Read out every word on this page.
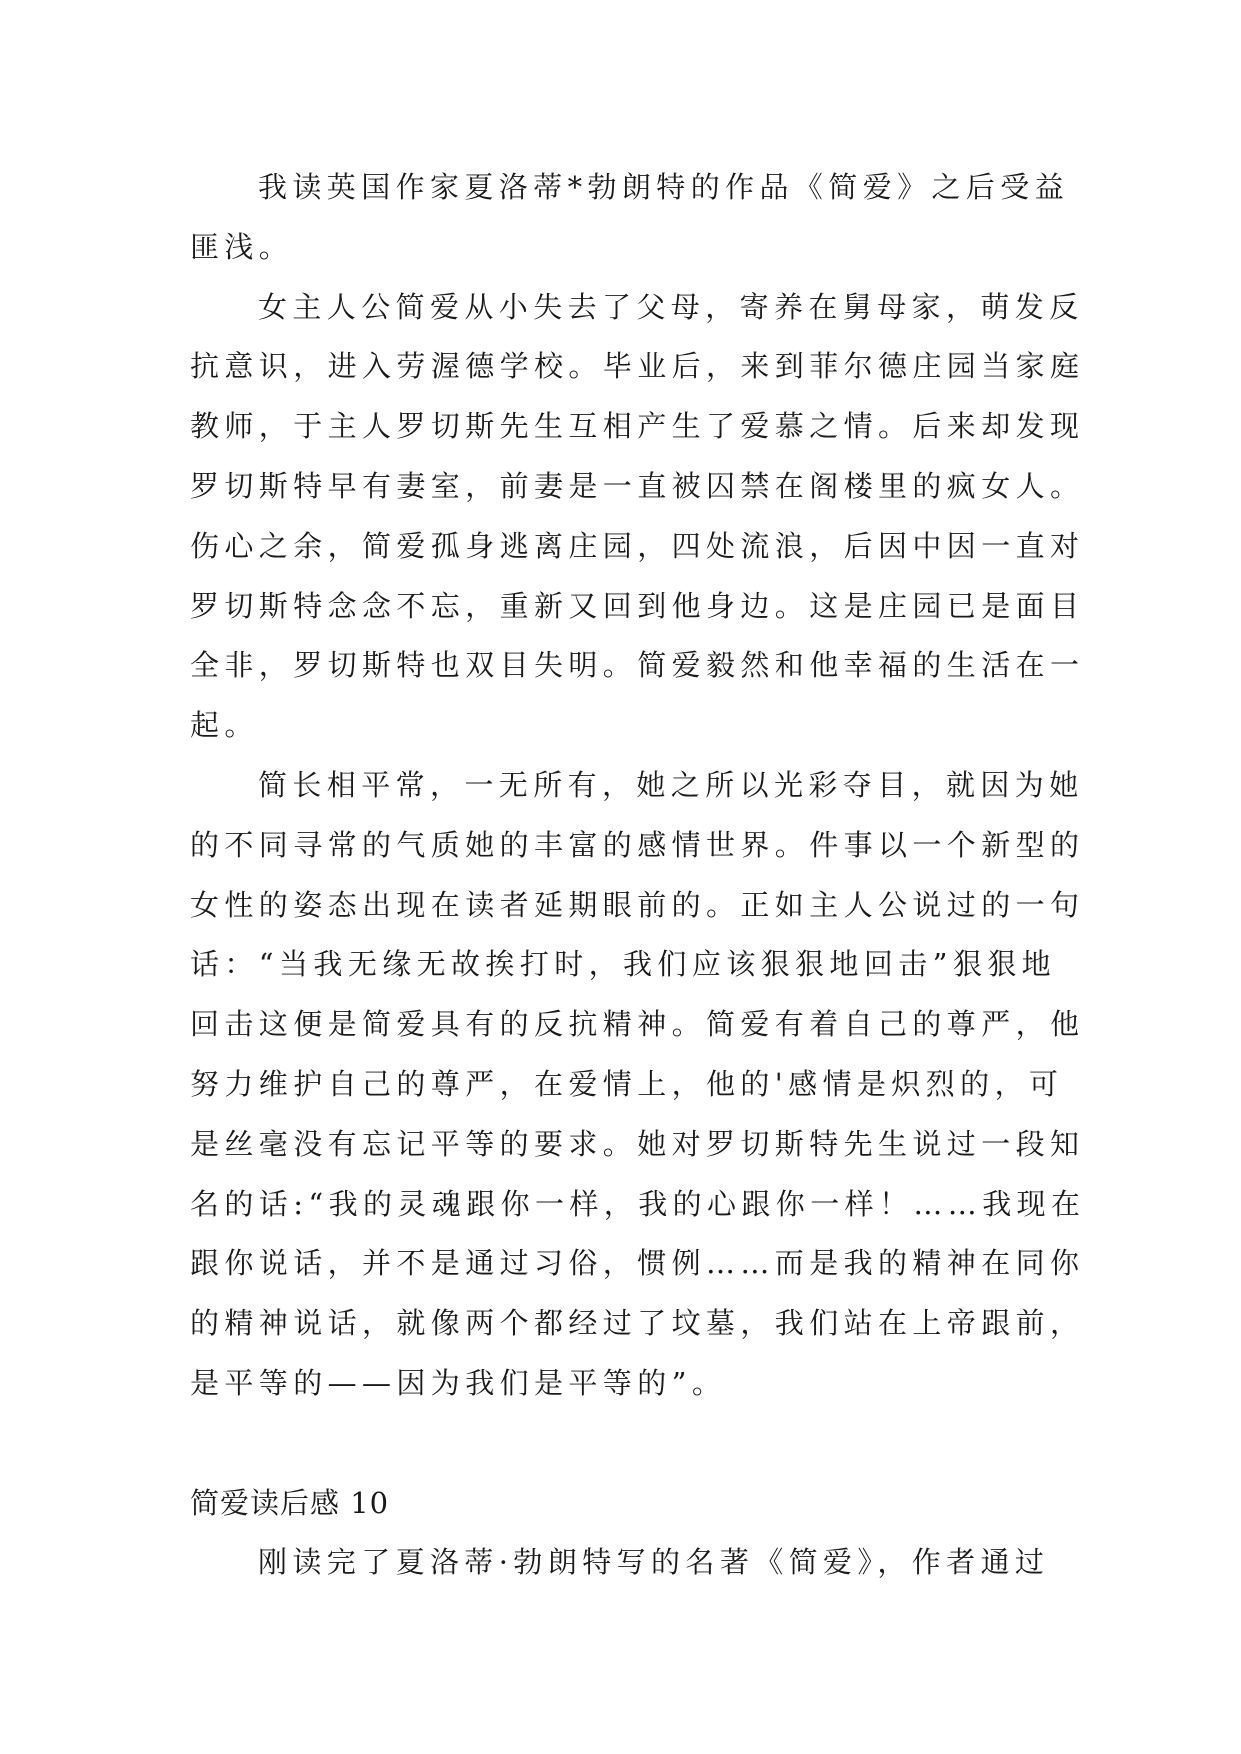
我读英国作家夏洛蒂*勃朗特的作品《简爱》之后受益
匪浅。
女主人公简爱从小失去了父母，寄养在舅母家，萌发反
抗意识，进入劳渥德学校。毕业后，来到菲尔德庄园当家庭
教师，于主人罗切斯先生互相产生了爱慕之情。后来却发现
罗切斯特早有妻室，前妻是一直被囚禁在阁楼里的疯女人。
伤心之余，简爱孤身逃离庄园，四处流浪，后因中因一直对
罗切斯特念念不忘，重新又回到他身边。这是庄园已是面目
全非，罗切斯特也双目失明。简爱毅然和他幸福的生活在一
起。
简长相平常，一无所有，她之所以光彩夺目，就因为她
的不同寻常的气质她的丰富的感情世界。件事以一个新型的
女性的姿态出现在读者延期眼前的。正如主人公说过的一句
话：“当我无缘无故挨打时，我们应该狠狠地回击”狠狠地
回击这便是简爱具有的反抗精神。简爱有着自己的尊严，他
努力维护自己的尊严，在爱情上，他的'感情是炽烈的，可
是丝毫没有忘记平等的要求。她对罗切斯特先生说过一段知
名的话:“我的灵魂跟你一样，我的心跟你一样！……我现在
跟你说话，并不是通过习俗，惯例……而是我的精神在同你
的精神说话，就像两个都经过了坟墓，我们站在上帝跟前，
是平等的——因为我们是平等的”。
简爱读后感 10
刚读完了夏洛蒂·勃朗特写的名著《简爱》，作者通过
